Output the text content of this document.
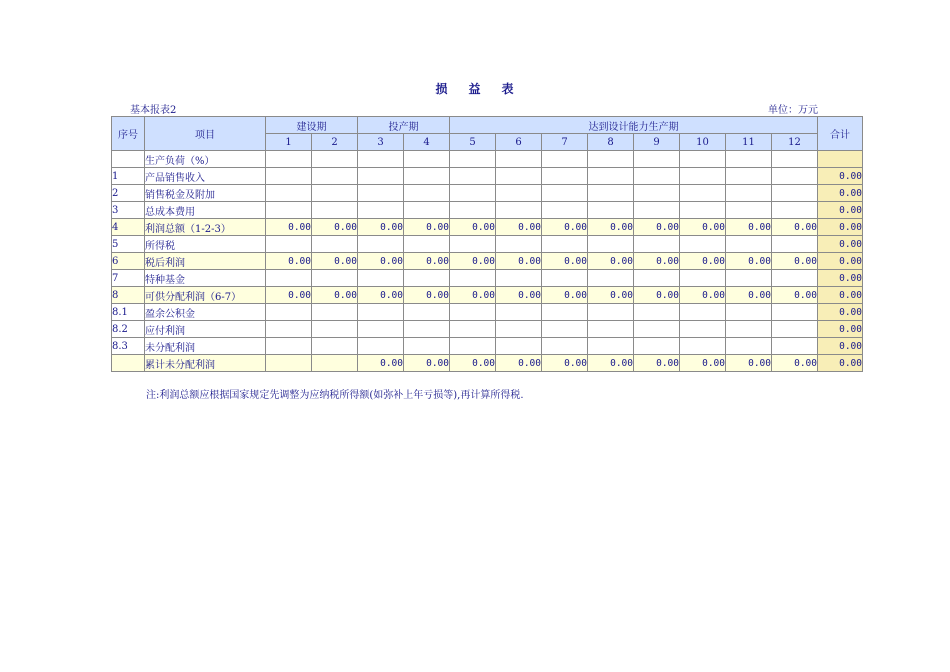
损 益 表
基本报表2	单位：万元
序号	项目	建设期		投产期		达到设计能力生产期								合计
		1	2	3	4	5	6	7	8	9	10	11	12	
	生产负荷（%）													
1	产品销售收入													0.00
2	销售税金及附加													0.00
3	总成本费用													0.00
4	利润总额（1-2-3）	0.00	0.00	0.00	0.00	0.00	0.00	0.00	0.00	0.00	0.00	0.00	0.00	0.00
5	所得税													0.00
6	税后利润	0.00	0.00	0.00	0.00	0.00	0.00	0.00	0.00	0.00	0.00	0.00	0.00	0.00
7	特种基金													0.00
8	可供分配利润（6-7）	0.00	0.00	0.00	0.00	0.00	0.00	0.00	0.00	0.00	0.00	0.00	0.00	0.00
8.1	盈余公积金													0.00
8.2	应付利润													0.00
8.3	未分配利润													0.00
	累计未分配利润			0.00	0.00	0.00	0.00	0.00	0.00	0.00	0.00	0.00	0.00	0.00
注:利润总额应根据国家规定先调整为应纳税所得额(如弥补上年亏损等),再计算所得税.
